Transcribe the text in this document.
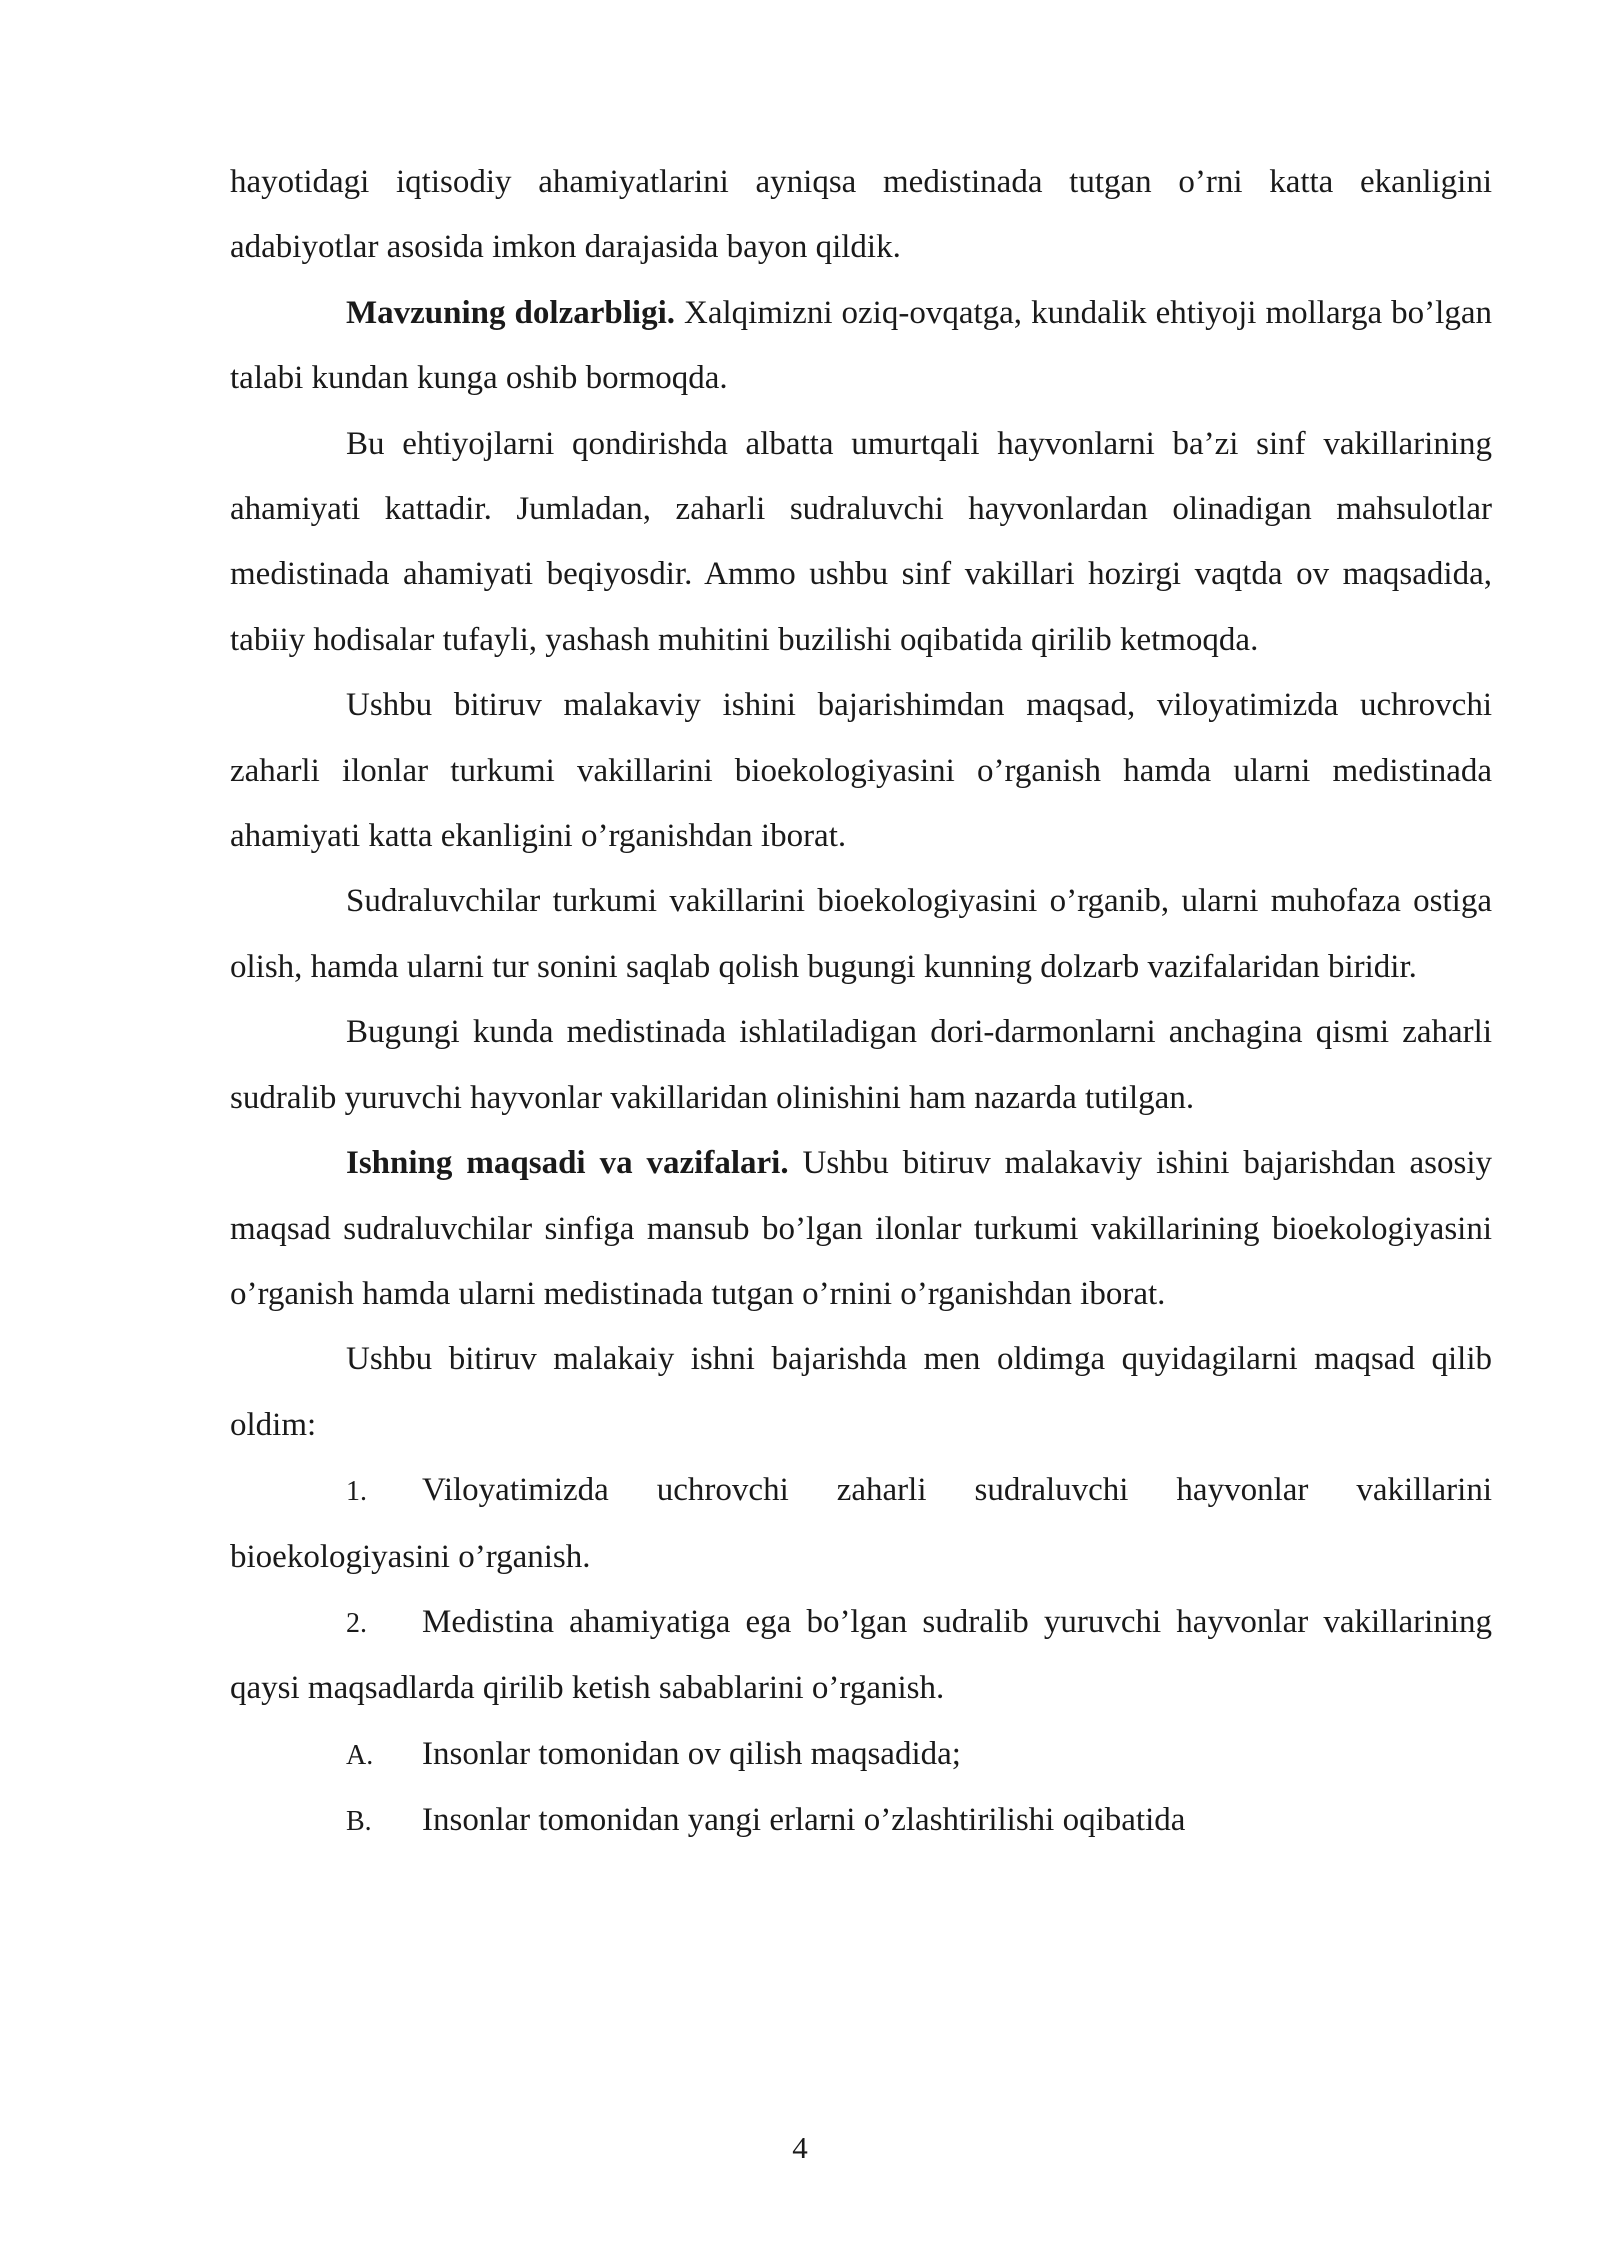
hayotidagi iqtisodiy ahamiyatlarini ayniqsa medistinada tutgan o’rni katta ekanligini adabiyotlar asosida imkon darajasida bayon qildik.

Mavzuning dolzarbligi. Xalqimizni oziq-ovqatga, kundalik ehtiyoji mollarga bo’lgan talabi kundan kunga oshib bormoqda.

Bu ehtiyojlarni qondirishda albatta umurtqali hayvonlarni ba’zi sinf vakillarining ahamiyati kattadir. Jumladan, zaharli sudraluvchi hayvonlardan olinadigan mahsulotlar medistinada ahamiyati beqiyosdir. Ammo ushbu sinf vakillari hozirgi vaqtda ov maqsadida, tabiiy hodisalar tufayli, yashash muhitini buzilishi oqibatida qirilib ketmoqda.

Ushbu bitiruv malakaviy ishini bajarishimdan maqsad, viloyatimizda uchrovchi zaharli ilonlar turkumi vakillarini bioekologiyasini o’rganish hamda ularni medistinada ahamiyati katta ekanligini o’rganishdan iborat.

Sudraluvchilar turkumi vakillarini bioekologiyasini o’rganib, ularni muhofaza ostiga olish, hamda ularni tur sonini saqlab qolish bugungi kunning dolzarb vazifalaridan biridir.

Bugungi kunda medistinada ishlatiladigan dori-darmonlarni anchagina qismi zaharli sudralib yuruvchi hayvonlar vakillaridan olinishini ham nazarda tutilgan.

Ishning maqsadi va vazifalari. Ushbu bitiruv malakaviy ishini bajarishdan asosiy maqsad sudraluvchilar sinfiga mansub bo’lgan ilonlar turkumi vakillarining bioekologiyasini o’rganish hamda ularni medistinada tutgan o’rnini o’rganishdan iborat.

Ushbu bitiruv malakaiy ishni bajarishda men oldimga quyidagilarni maqsad qilib oldim:

1. Viloyatimizda uchrovchi zaharli sudraluvchi hayvonlar vakillarini bioekologiyasini o’rganish.

2. Medistina ahamiyatiga ega bo’lgan sudralib yuruvchi hayvonlar vakillarining qaysi maqsadlarda qirilib ketish sabablarini o’rganish.

A. Insonlar tomonidan ov qilish maqsadida;

B. Insonlar tomonidan yangi erlarni o’zlashtirilishi oqibatida

4
